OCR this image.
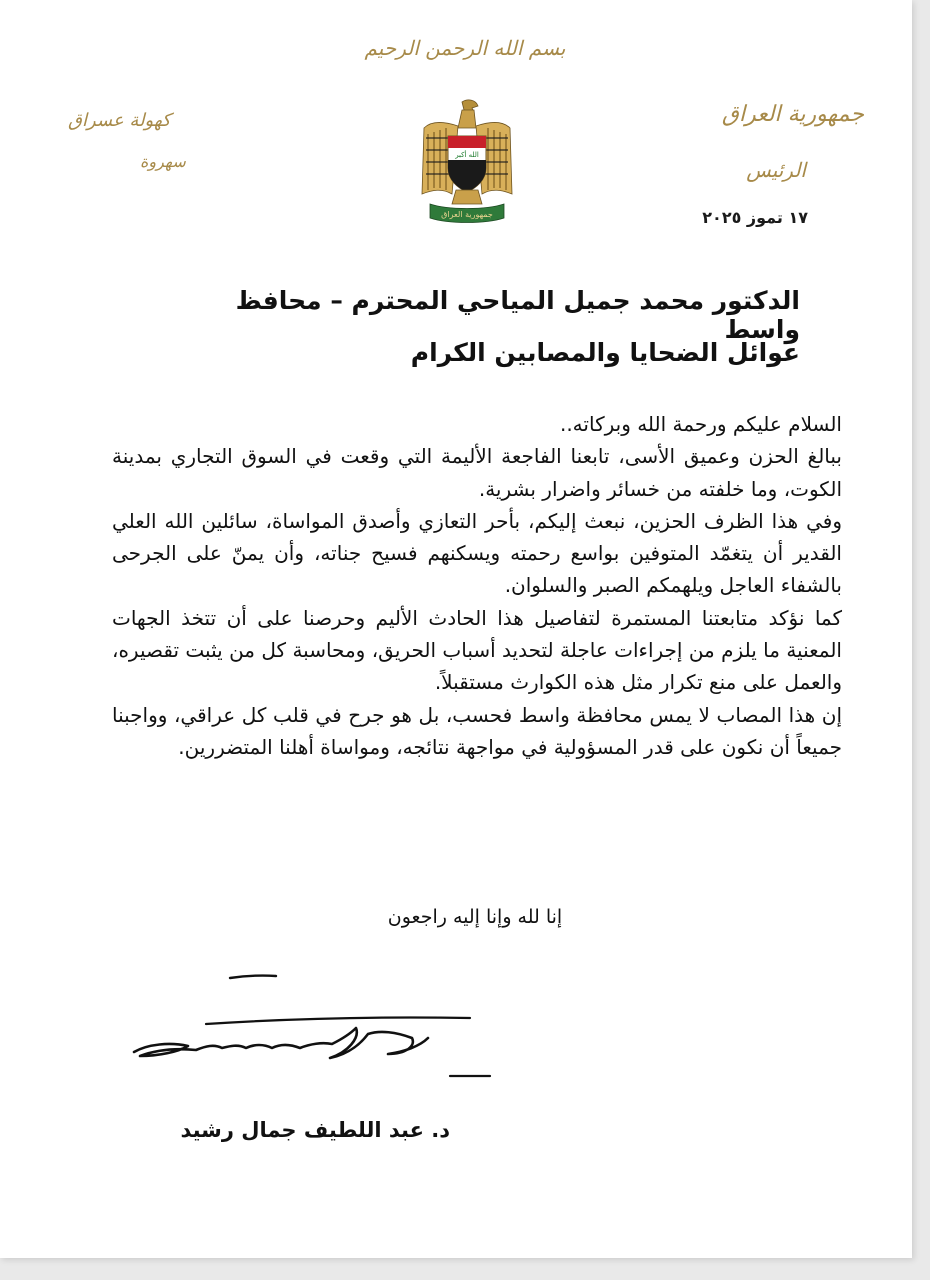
بسم الله الرحمن الرحيم
جمهورية العراق
الرئيس
كهولة عسراق
سهروة
١٧ تموز ٢٠٢٥
الله أكبر
جمهورية العراق
الدكتور محمد جميل المياحي المحترم – محافظ واسط
عوائل الضحايا والمصابين الكرام

السلام عليكم ورحمة الله وبركاته..

ببالغ الحزن وعميق الأسى، تابعنا الفاجعة الأليمة التي وقعت في السوق التجاري بمدينة الكوت، وما خلفته من خسائر واضرار بشرية.

وفي هذا الظرف الحزين، نبعث إليكم، بأحر التعازي وأصدق المواساة، سائلين الله العلي القدير أن يتغمّد المتوفين بواسع رحمته ويسكنهم فسيح جناته، وأن يمنّ على الجرحى بالشفاء العاجل ويلهمكم الصبر والسلوان.

كما نؤكد متابعتنا المستمرة لتفاصيل هذا الحادث الأليم وحرصنا على أن تتخذ الجهات المعنية ما يلزم من إجراءات عاجلة لتحديد أسباب الحريق، ومحاسبة كل من يثبت تقصيره، والعمل على منع تكرار مثل هذه الكوارث مستقبلاً.

إن هذا المصاب لا يمس محافظة واسط فحسب، بل هو جرح في قلب كل عراقي، وواجبنا جميعاً أن نكون على قدر المسؤولية في مواجهة نتائجه، ومواساة أهلنا المتضررين.

إنا لله وإنا إليه راجعون
د. عبد اللطيف جمال رشيد
